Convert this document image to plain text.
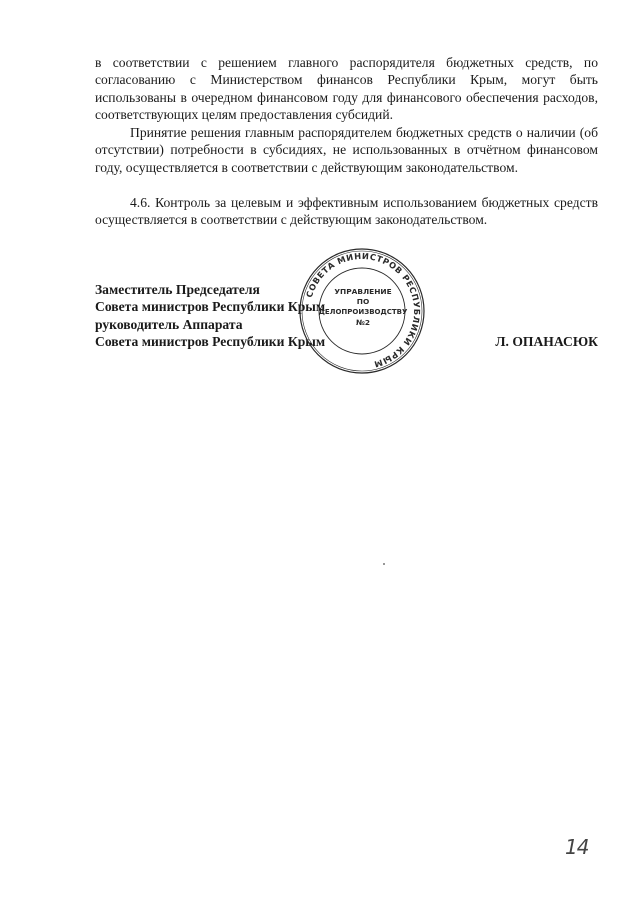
в соответствии с решением главного распорядителя бюджетных средств, по согласованию с Министерством финансов Республики Крым, могут быть использованы в очередном финансовом году для финансового обеспечения расходов, соответствующих целям предоставления субсидий.

Принятие решения главным распорядителем бюджетных средств о наличии (об отсутствии) потребности в субсидиях, не использованных в отчётном финансовом году, осуществляется в соответствии с действующим законодательством.

4.6. Контроль за целевым и эффективным использованием бюджетных средств осуществляется в соответствии с действующим законодательством.

Заместитель Председателя
Совета министров Республики Крым
руководитель Аппарата
Совета министров Республики Крым	Л. ОПАНАСЮК
СОВЕТА МИНИСТРОВ РЕСПУБЛИКИ КРЫМ
УПРАВЛЕНИЕ
ПО
ДЕЛОПРОИЗВОДСТВУ
№2
14
